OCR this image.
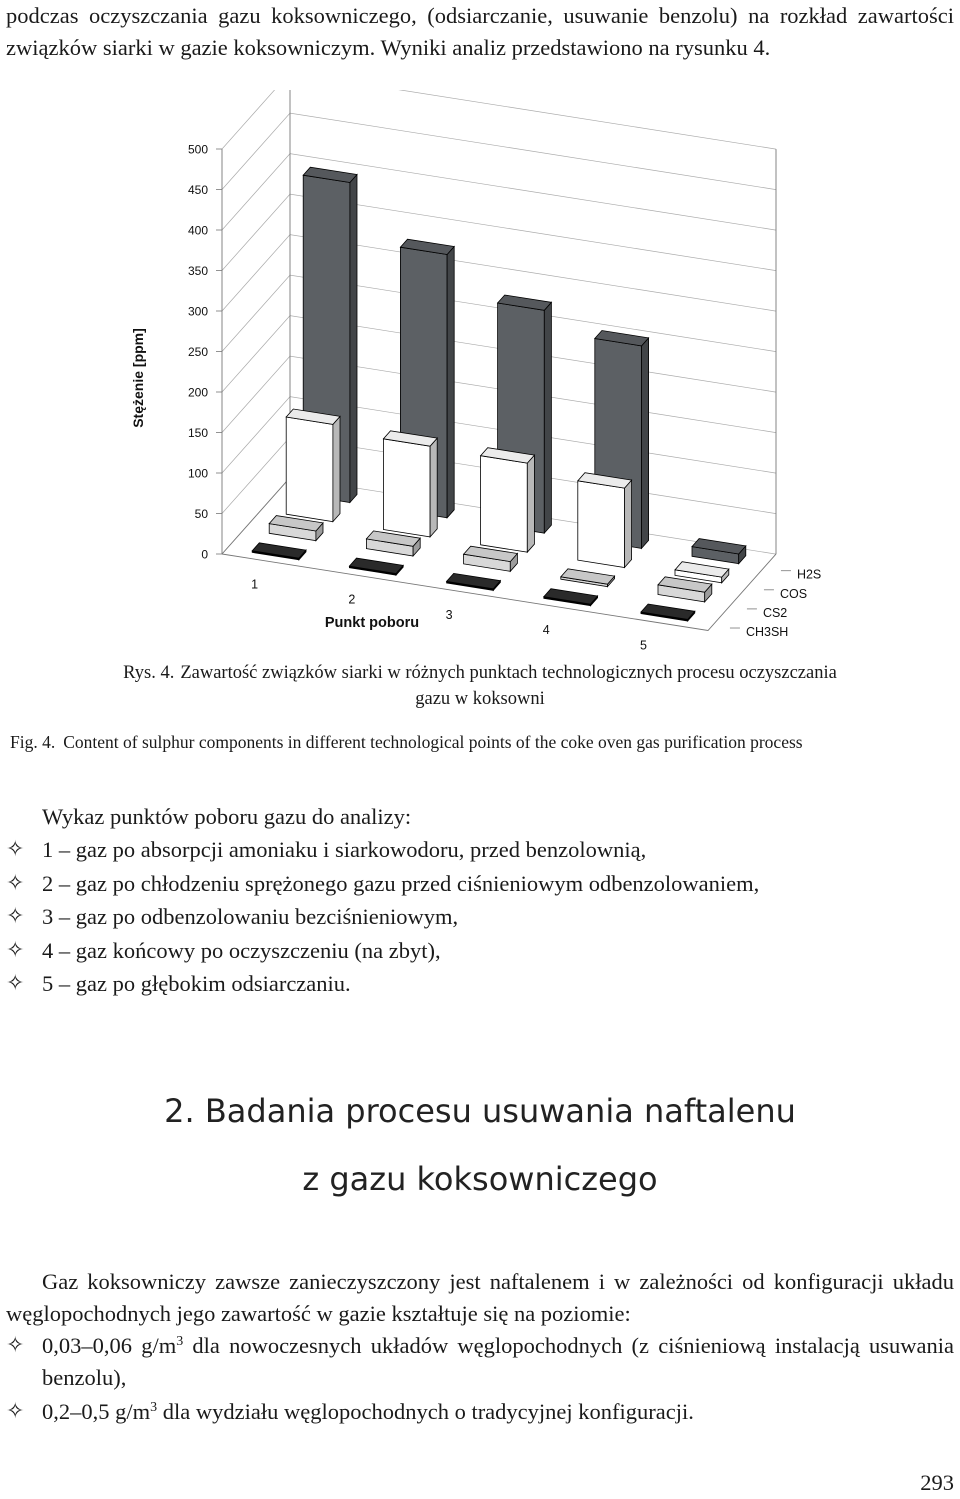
podczas oczyszczania gazu koksowniczego, (odsiarczanie, usuwanie benzolu) na rozkład zawartości związków siarki w gazie koksowniczym. Wyniki analiz przedstawiono na rysunku 4.

0
50
100
150
200
250
300
350
400
450
500
Stężenie [ppm]
1
2
3
4
5
Punkt poboru
CH3SH
CS2
COS
H2S

Rys. 4. Zawartość związków siarki w różnych punktach technologicznych procesu oczyszczania
gazu w koksowni

Fig. 4. Content of sulphur components in different technological points of the coke oven gas purification process

Wykaz punktów poboru gazu do analizy:

✧ 1 – gaz po absorpcji amoniaku i siarkowodoru, przed benzolownią,
✧ 2 – gaz po chłodzeniu sprężonego gazu przed ciśnieniowym odbenzolowaniem,
✧ 3 – gaz po odbenzolowaniu bezciśnieniowym,
✧ 4 – gaz końcowy po oczyszczeniu (na zbyt),
✧ 5 – gaz po głębokim odsiarczaniu.
2. Badania procesu usuwania naftalenu
z gazu koksowniczego

Gaz koksowniczy zawsze zanieczyszczony jest naftalenem i w zależności od konfiguracji układu węglopochodnych jego zawartość w gazie kształtuje się na poziomie:

✧ 0,03–0,06 $g/m^3$ dla nowoczesnych układów węglopochodnych (z ciśnieniową instalacją usuwania benzolu),
✧ 0,2–0,5 $g/m^3$ dla wydziału węglopochodnych o tradycyjnej konfiguracji.

293
